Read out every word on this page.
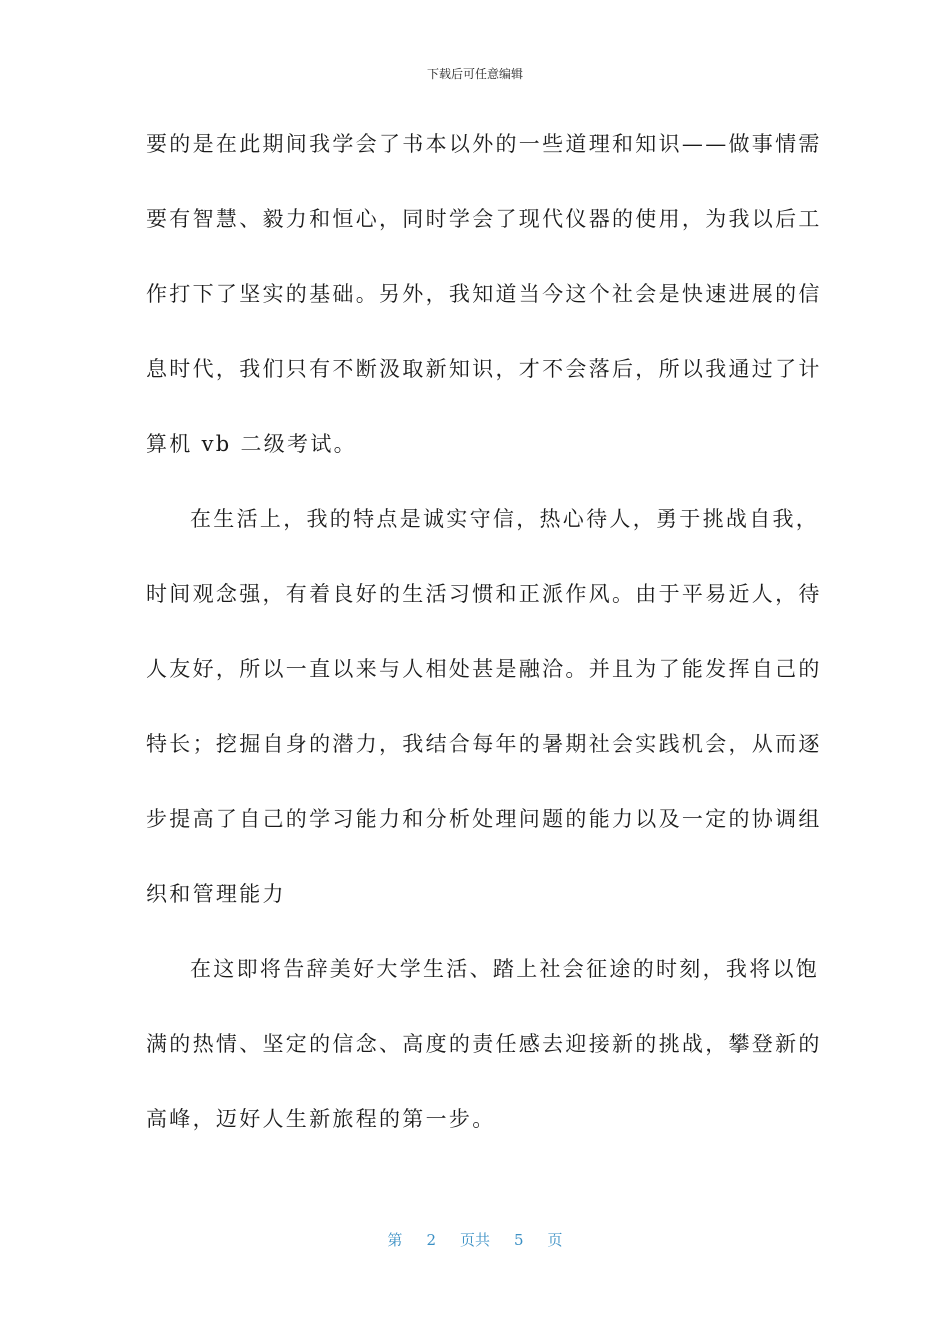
下载后可任意编辑
要的是在此期间我学会了书本以外的一些道理和知识——做事情需
要有智慧、毅力和恒心，同时学会了现代仪器的使用，为我以后工
作打下了坚实的基础。另外，我知道当今这个社会是快速进展的信
息时代，我们只有不断汲取新知识，才不会落后，所以我通过了计
算机 vb 二级考试。
在生活上，我的特点是诚实守信，热心待人，勇于挑战自我，
时间观念强，有着良好的生活习惯和正派作风。由于平易近人，待
人友好，所以一直以来与人相处甚是融洽。并且为了能发挥自己的
特长；挖掘自身的潜力，我结合每年的暑期社会实践机会，从而逐
步提高了自己的学习能力和分析处理问题的能力以及一定的协调组
织和管理能力
在这即将告辞美好大学生活、踏上社会征途的时刻，我将以饱
满的热情、坚定的信念、高度的责任感去迎接新的挑战，攀登新的
高峰，迈好人生新旅程的第一步。
第 2 页共 5 页
